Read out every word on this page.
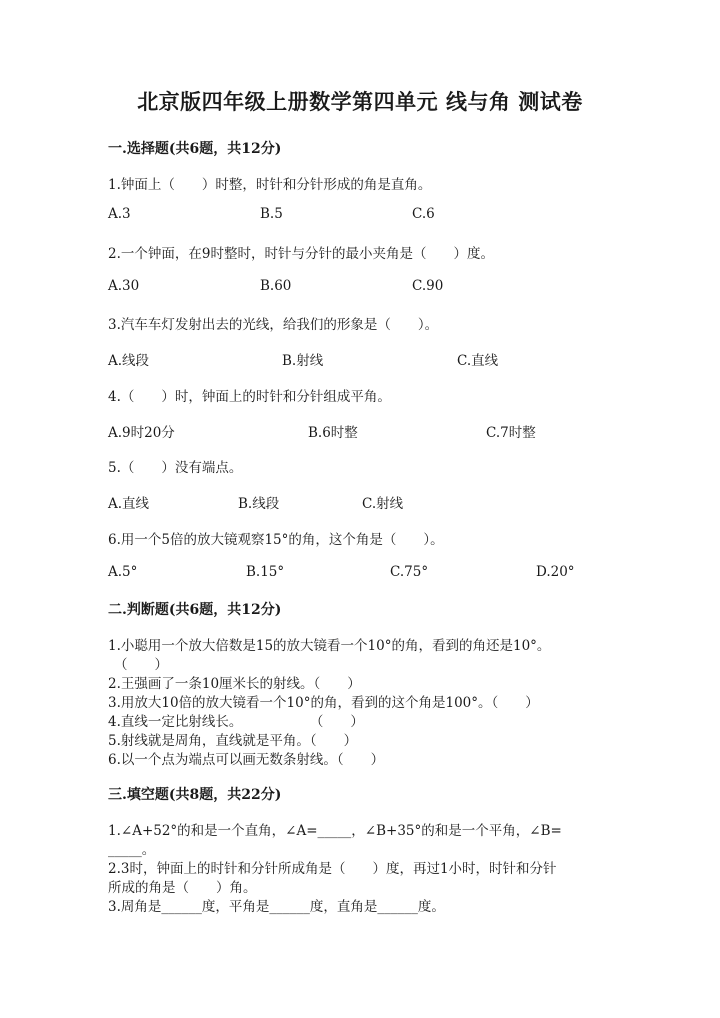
北京版四年级上册数学第四单元 线与角 测试卷
一.选择题(共6题，共12分)
1.钟面上（　　）时整，时针和分针形成的角是直角。
A.3	B.5	C.6
2.一个钟面，在9时整时，时针与分针的最小夹角是（　　）度。
A.30	B.60	C.90
3.汽车车灯发射出去的光线，给我们的形象是（　　）。
A.线段	B.射线	C.直线
4.（　　）时，钟面上的时针和分针组成平角。
A.9时20分	B.6时整	C.7时整
5.（　　）没有端点。
A.直线	B.线段	C.射线
6.用一个5倍的放大镜观察15°的角，这个角是（　　）。
A.5°	B.15°	C.75°	D.20°
二.判断题(共6题，共12分)
1.小聪用一个放大倍数是15的放大镜看一个10°的角，看到的角还是10°。
（　　）
2.王强画了一条10厘米长的射线。（　　）
3.用放大10倍的放大镜看一个10°的角，看到的这个角是100°。（　　）
4.直线一定比射线长。　　　　　　（　　）
5.射线就是周角，直线就是平角。（　　）
6.以一个点为端点可以画无数条射线。（　　）
三.填空题(共8题，共22分)
1.∠A+52°的和是一个直角，∠A=_____，∠B+35°的和是一个平角，∠B=
_____。
2.3时，钟面上的时针和分针所成角是（　　）度，再过1小时，时针和分针
所成的角是（　　）角。
3.周角是______度，平角是______度，直角是______度。
